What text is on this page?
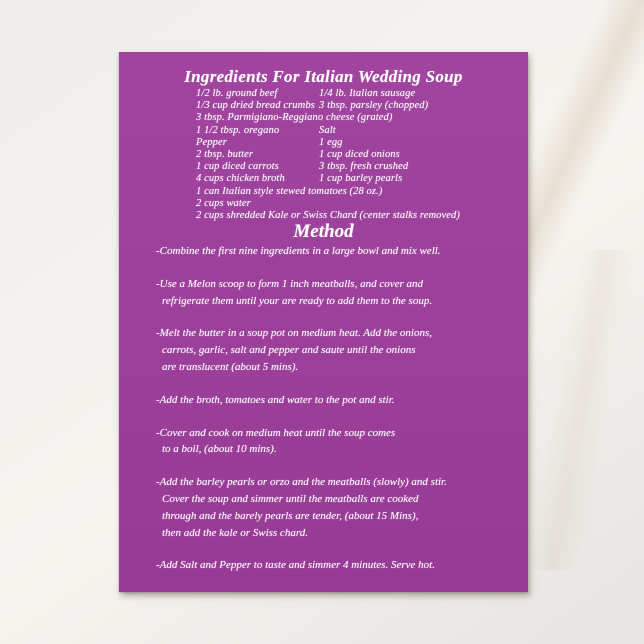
Ingredients For Italian Wedding Soup
1/2 lb. ground beef	1/4 lb. Italian sausage
1/3 cup dried bread crumbs 3 tbsp. parsley (chopped)
3 tbsp. Parmigiano-Reggiano cheese (grated)
1 1/2 tbsp. oregano	Salt
Pepper	1 egg
2 tbsp. butter	1 cup diced onions
1 cup diced carrots	3 tbsp. fresh crushed
4 cups chicken broth	1 cup barley pearls
1 can Italian style stewed tomatoes (28 oz.)
2 cups water
2 cups shredded Kale or Swiss Chard (center stalks removed)
Method
-Combine the first nine ingredients in a large bowl and mix well.
-Use a Melon scoop to form 1 inch meatballs, and cover and
refrigerate them until your are ready to add them to the soup.
-Melt the butter in a soup pot on medium heat. Add the onions,
carrots, garlic, salt and pepper and saute until the onions
are translucent (about 5 mins).
-Add the broth, tomatoes and water to the pot and stir.
-Cover and cook on medium heat until the soup comes
to a boil, (about 10 mins).
-Add the barley pearls or orzo and the meatballs (slowly) and stir.
Cover the soup and simmer until the meatballs are cooked
through and the barely pearls are tender, (about 15 Mins),
then add the kale or Swiss chard.
-Add Salt and Pepper to taste and simmer 4 minutes. Serve hot.
